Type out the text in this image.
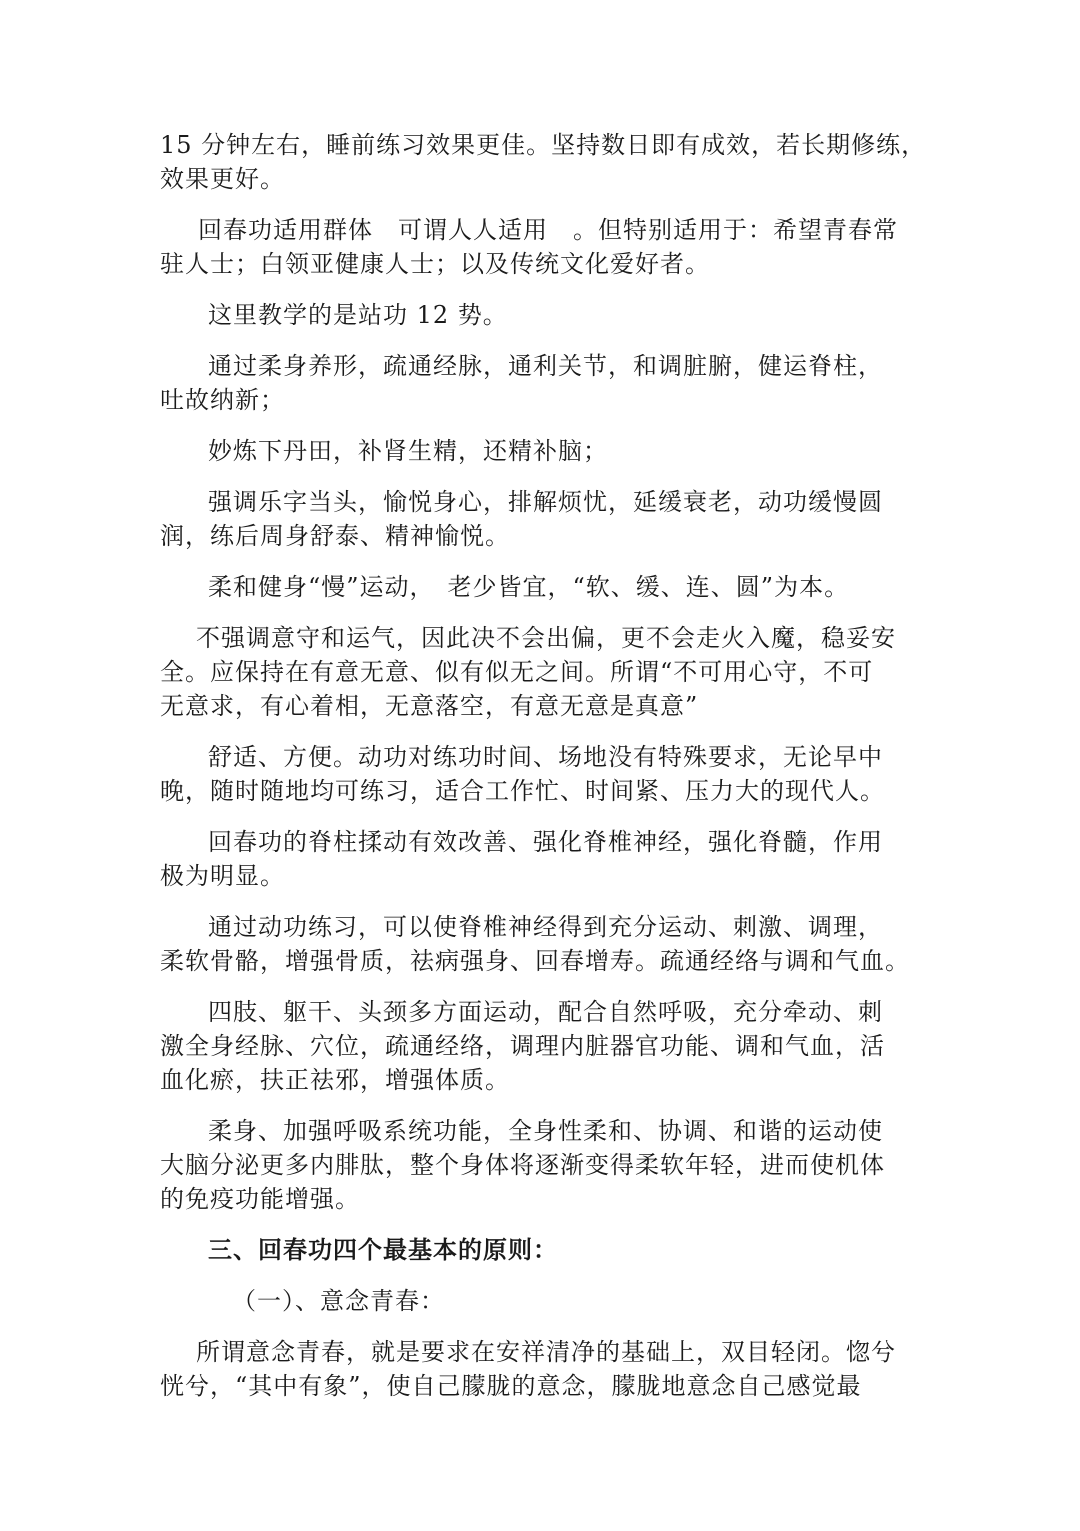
15 分钟左右，睡前练习效果更佳。坚持数日即有成效，若长期修练，
效果更好。
回春功适用群体　可谓人人适用　。但特别适用于：希望青春常
驻人士；白领亚健康人士；以及传统文化爱好者。
这里教学的是站功 12 势。
通过柔身养形，疏通经脉，通利关节，和调脏腑，健运脊柱，
吐故纳新；
妙炼下丹田，补肾生精，还精补脑；
强调乐字当头，愉悦身心，排解烦忧，延缓衰老，动功缓慢圆
润，练后周身舒泰、精神愉悦。
柔和健身“慢”运动，　老少皆宜，“软、缓、连、圆”为本。
不强调意守和运气，因此决不会出偏，更不会走火入魔，稳妥安
全。应保持在有意无意、似有似无之间。所谓“不可用心守，不可
无意求，有心着相，无意落空，有意无意是真意”
舒适、方便。动功对练功时间、场地没有特殊要求，无论早中
晚，随时随地均可练习，适合工作忙、时间紧、压力大的现代人。
回春功的脊柱揉动有效改善、强化脊椎神经，强化脊髓，作用
极为明显。
通过动功练习，可以使脊椎神经得到充分运动、刺激、调理，
柔软骨骼，增强骨质，祛病强身、回春增寿。疏通经络与调和气血。
四肢、躯干、头颈多方面运动，配合自然呼吸，充分牵动、刺
激全身经脉、穴位，疏通经络，调理内脏器官功能、调和气血，活
血化瘀，扶正祛邪，增强体质。
柔身、加强呼吸系统功能，全身性柔和、协调、和谐的运动使
大脑分泌更多内腓肽，整个身体将逐渐变得柔软年轻，进而使机体
的免疫功能增强。
三、回春功四个最基本的原则：
（一）、意念青春：
所谓意念青春，就是要求在安祥清净的基础上，双目轻闭。惚兮
恍兮，“其中有象”，使自己朦胧的意念，朦胧地意念自己感觉最
